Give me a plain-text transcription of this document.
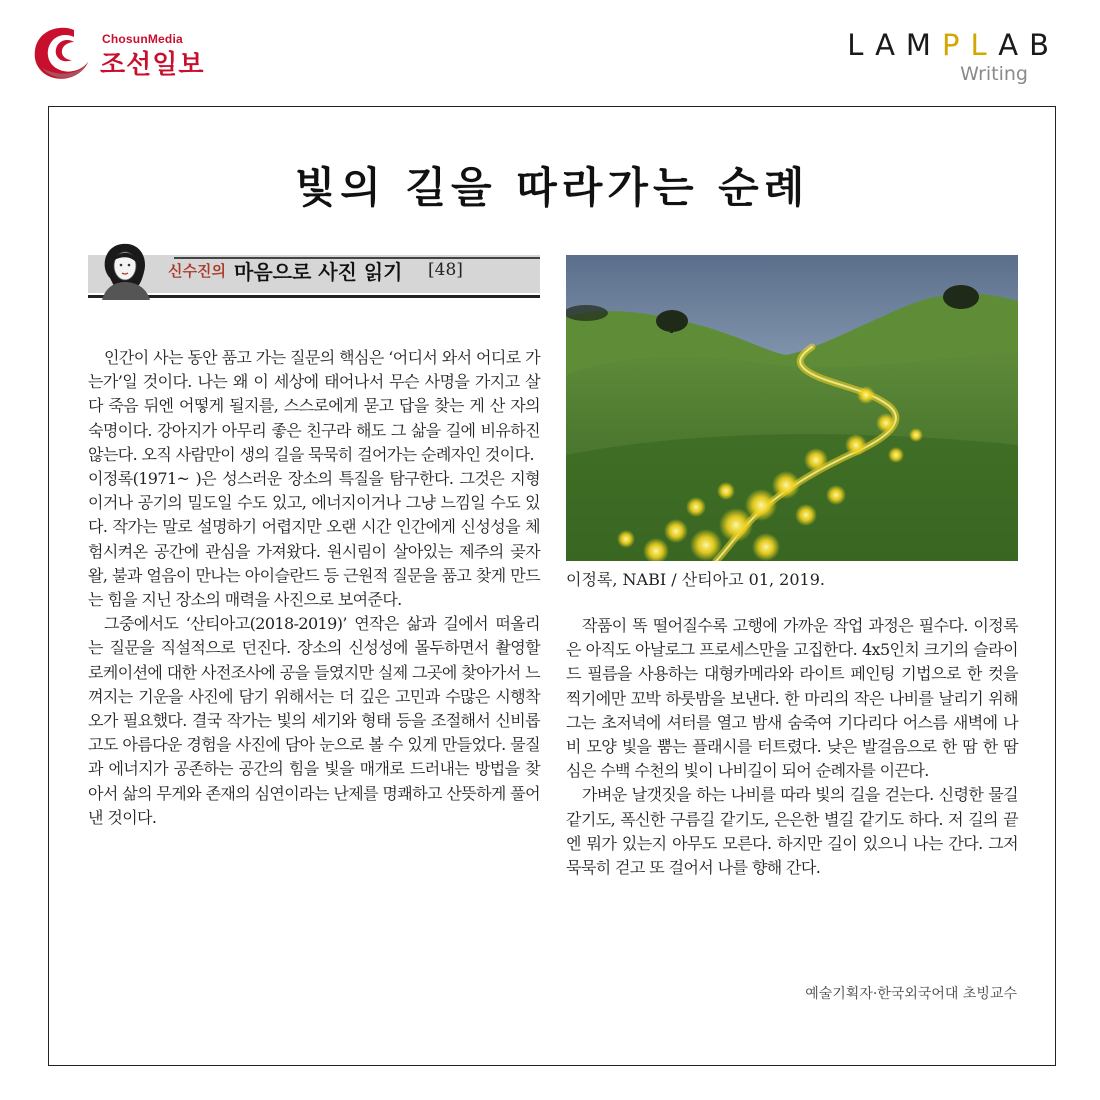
ChosunMedia
조선일보
LAMPLAB
Writing
빛의 길을 따라가는 순례
신수진의 마음으로 사진 읽기 [48]

인간이 사는 동안 품고 가는 질문의 핵심은 ‘어디서 와서 어디로 가는가’일 것이다. 나는 왜 이 세상에 태어나서 무슨 사명을 가지고 살다 죽음 뒤엔 어떻게 될지를, 스스로에게 묻고 답을 찾는 게 산 자의 숙명이다. 강아지가 아무리 좋은 친구라 해도 그 삶을 길에 비유하진 않는다. 오직 사람만이 생의 길을 묵묵히 걸어가는 순례자인 것이다.

이정록(1971~ )은 성스러운 장소의 특질을 탐구한다. 그것은 지형이거나 공기의 밀도일 수도 있고, 에너지이거나 그냥 느낌일 수도 있다. 작가는 말로 설명하기 어렵지만 오랜 시간 인간에게 신성성을 체험시켜온 공간에 관심을 가져왔다. 원시림이 살아있는 제주의 곶자왈, 불과 얼음이 만나는 아이슬란드 등 근원적 질문을 품고 찾게 만드는 힘을 지닌 장소의 매력을 사진으로 보여준다.

그중에서도 ‘산티아고(2018-2019)’ 연작은 삶과 길에서 떠올리는 질문을 직설적으로 던진다. 장소의 신성성에 몰두하면서 촬영할 로케이션에 대한 사전조사에 공을 들였지만 실제 그곳에 찾아가서 느껴지는 기운을 사진에 담기 위해서는 더 깊은 고민과 수많은 시행착오가 필요했다. 결국 작가는 빛의 세기와 형태 등을 조절해서 신비롭고도 아름다운 경험을 사진에 담아 눈으로 볼 수 있게 만들었다. 물질과 에너지가 공존하는 공간의 힘을 빛을 매개로 드러내는 방법을 찾아서 삶의 무게와 존재의 심연이라는 난제를 명쾌하고 산뜻하게 풀어낸 것이다.

이정록, NABI / 산티아고 01, 2019.

작품이 똑 떨어질수록 고행에 가까운 작업 과정은 필수다. 이정록은 아직도 아날로그 프로세스만을 고집한다. 4x5인치 크기의 슬라이드 필름을 사용하는 대형카메라와 라이트 페인팅 기법으로 한 컷을 찍기에만 꼬박 하룻밤을 보낸다. 한 마리의 작은 나비를 날리기 위해 그는 초저녁에 셔터를 열고 밤새 숨죽여 기다리다 어스름 새벽에 나비 모양 빛을 뿜는 플래시를 터트렸다. 낮은 발걸음으로 한 땀 한 땀 심은 수백 수천의 빛이 나비길이 되어 순례자를 이끈다.

가벼운 날갯짓을 하는 나비를 따라 빛의 길을 걷는다. 신령한 물길 같기도, 폭신한 구름길 같기도, 은은한 별길 같기도 하다. 저 길의 끝엔 뭐가 있는지 아무도 모른다. 하지만 길이 있으니 나는 간다. 그저 묵묵히 걷고 또 걸어서 나를 향해 간다.

예술기획자·한국외국어대 초빙교수
